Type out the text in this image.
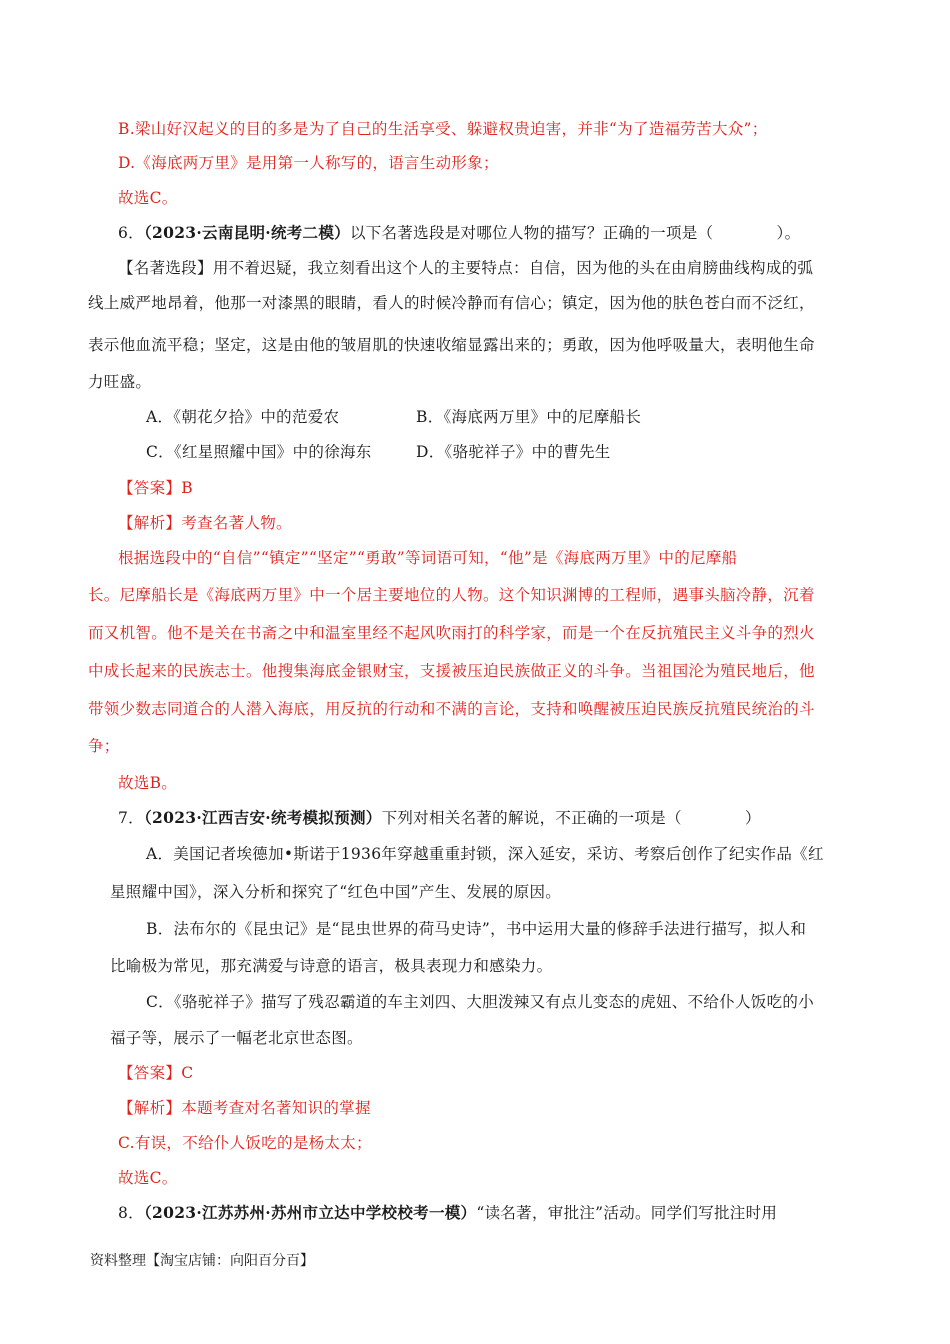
B.梁山好汉起义的目的多是为了自己的生活享受、躲避权贵迫害，并非“为了造福劳苦大众”；
D.《海底两万里》是用第一人称写的，语言生动形象；
故选C。
6．（2023·云南昆明·统考二模）以下名著选段是对哪位人物的描写？正确的一项是（　　　　）。
【名著选段】用不着迟疑，我立刻看出这个人的主要特点：自信，因为他的头在由肩膀曲线构成的弧
线上威严地昂着，他那一对漆黑的眼睛，看人的时候冷静而有信心；镇定，因为他的肤色苍白而不泛红，
表示他血流平稳；坚定，这是由他的皱眉肌的快速收缩显露出来的；勇敢，因为他呼吸量大，表明他生命
力旺盛。
A．《朝花夕拾》中的范爱农	B．《海底两万里》中的尼摩船长
C．《红星照耀中国》中的徐海东	D．《骆驼祥子》中的曹先生
【答案】B
【解析】考查名著人物。
根据选段中的“自信”“镇定”“坚定”“勇敢”等词语可知，“他”是《海底两万里》中的尼摩船
长。尼摩船长是《海底两万里》中一个居主要地位的人物。这个知识渊博的工程师，遇事头脑冷静，沉着
而又机智。他不是关在书斋之中和温室里经不起风吹雨打的科学家，而是一个在反抗殖民主义斗争的烈火
中成长起来的民族志士。他搜集海底金银财宝，支援被压迫民族做正义的斗争。当祖国沦为殖民地后，他
带领少数志同道合的人潜入海底，用反抗的行动和不满的言论，支持和唤醒被压迫民族反抗殖民统治的斗
争；
故选B。
7．（2023·江西吉安·统考模拟预测）下列对相关名著的解说，不正确的一项是（　　　　）
A．美国记者埃德加•斯诺于1936年穿越重重封锁，深入延安，采访、考察后创作了纪实作品《红
星照耀中国》，深入分析和探究了“红色中国”产生、发展的原因。
B．法布尔的《昆虫记》是“昆虫世界的荷马史诗”，书中运用大量的修辞手法进行描写，拟人和
比喻极为常见，那充满爱与诗意的语言，极具表现力和感染力。
C．《骆驼祥子》描写了残忍霸道的车主刘四、大胆泼辣又有点儿变态的虎妞、不给仆人饭吃的小
福子等，展示了一幅老北京世态图。
【答案】C
【解析】本题考查对名著知识的掌握
C.有误，不给仆人饭吃的是杨太太；
故选C。
8．（2023·江苏苏州·苏州市立达中学校校考一模）“读名著，审批注”活动。同学们写批注时用
资料整理【淘宝店铺：向阳百分百】
